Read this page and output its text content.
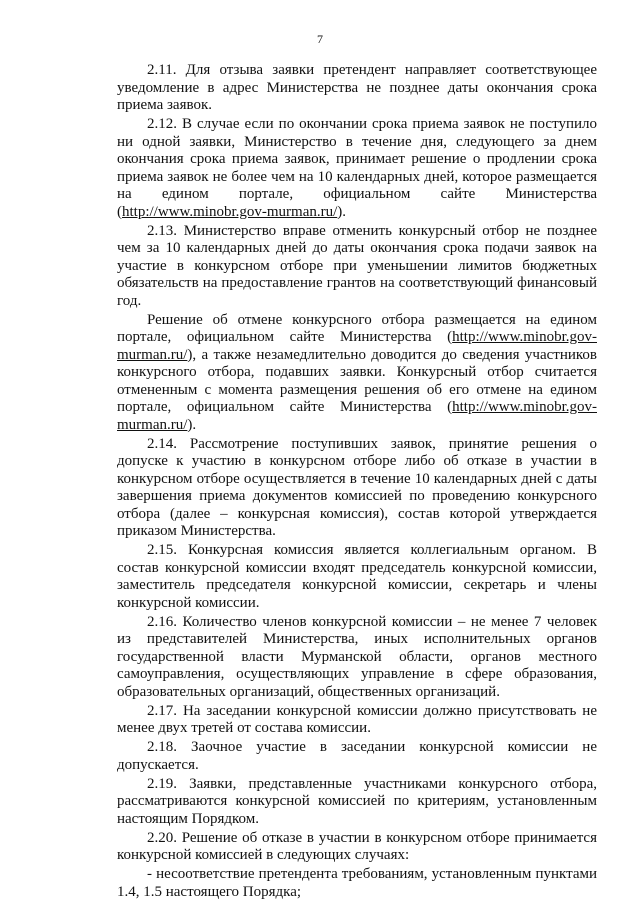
7

2.11. Для отзыва заявки претендент направляет соответствующее уведомление в адрес Министерства не позднее даты окончания срока приема заявок.

2.12. В случае если по окончании срока приема заявок не поступило ни одной заявки, Министерство в течение дня, следующего за днем окончания срока приема заявок, принимает решение о продлении срока приема заявок не более чем на 10 календарных дней, которое размещается на едином портале, официальном сайте Министерства (http://www.minobr.gov-murman.ru/).

2.13. Министерство вправе отменить конкурсный отбор не позднее чем за 10 календарных дней до даты окончания срока подачи заявок на участие в конкурсном отборе при уменьшении лимитов бюджетных обязательств на предоставление грантов на соответствующий финансовый год.

Решение об отмене конкурсного отбора размещается на едином портале, официальном сайте Министерства (http://www.minobr.gov-murman.ru/), а также незамедлительно доводится до сведения участников конкурсного отбора, подавших заявки. Конкурсный отбор считается отмененным с момента размещения решения об его отмене на едином портале, официальном сайте Министерства (http://www.minobr.gov-murman.ru/).

2.14. Рассмотрение поступивших заявок, принятие решения о допуске к участию в конкурсном отборе либо об отказе в участии в конкурсном отборе осуществляется в течение 10 календарных дней с даты завершения приема документов комиссией по проведению конкурсного отбора (далее – конкурсная комиссия), состав которой утверждается приказом Министерства.

2.15. Конкурсная комиссия является коллегиальным органом. В состав конкурсной комиссии входят председатель конкурсной комиссии, заместитель председателя конкурсной комиссии, секретарь и члены конкурсной комиссии.

2.16. Количество членов конкурсной комиссии – не менее 7 человек из представителей Министерства, иных исполнительных органов государственной власти Мурманской области, органов местного самоуправления, осуществляющих управление в сфере образования, образовательных организаций, общественных организаций.

2.17. На заседании конкурсной комиссии должно присутствовать не менее двух третей от состава комиссии.

2.18. Заочное участие в заседании конкурсной комиссии не допускается.

2.19. Заявки, представленные участниками конкурсного отбора, рассматриваются конкурсной комиссией по критериям, установленным настоящим Порядком.

2.20. Решение об отказе в участии в конкурсном отборе принимается конкурсной комиссией в следующих случаях:

- несоответствие претендента требованиям, установленным пунктами 1.4, 1.5 настоящего Порядка;
